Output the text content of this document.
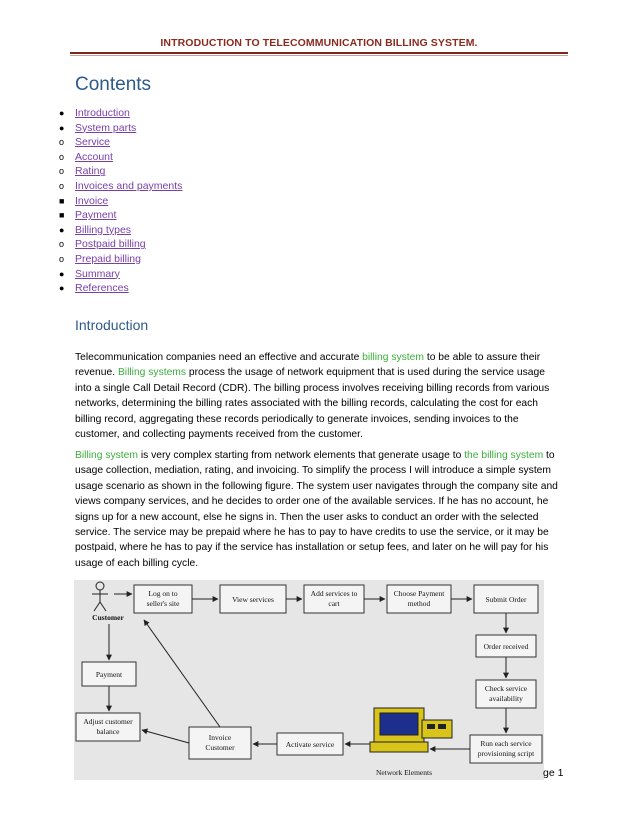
INTRODUCTION TO TELECOMMUNICATION BILLING SYSTEM.
Contents
●	Introduction
●	System parts
o	Service
o	Account
o	Rating
o	Invoices and payments
■	Invoice
■	Payment
●	Billing types
o	Postpaid billing
o	Prepaid billing
●	Summary
●	References
Introduction

Telecommunication companies need an effective and accurate billing system to be able to assure their revenue. Billing systems process the usage of network equipment that is used during the service usage into a single Call Detail Record (CDR). The billing process involves receiving billing records from various networks, determining the billing rates associated with the billing records, calculating the cost for each billing record, aggregating these records periodically to generate invoices, sending invoices to the customer, and collecting payments received from the customer.

Billing system is very complex starting from network elements that generate usage to the billing system to usage collection, mediation, rating, and invoicing. To simplify the process I will introduce a simple system usage scenario as shown in the following figure. The system user navigates through the company site and views company services, and he decides to order one of the available services. If he has no account, he signs up for a new account, else he signs in. Then the user asks to conduct an order with the selected service. The service may be prepaid where he has to pay to have credits to use the service, or it may be postpaid, where he has to pay if the service has installation or setup fees, and later on he will pay for his usage of each billing cycle.

Customer
Log on to
seller's site	View services
Add services to
cart
Choose Payment
method	Submit Order
Order received
Check service
availability
Run each service
provisioning script
Activate service
Invoice
Customer
Adjust customer
balance
Payment
Network Elements	ge 1
